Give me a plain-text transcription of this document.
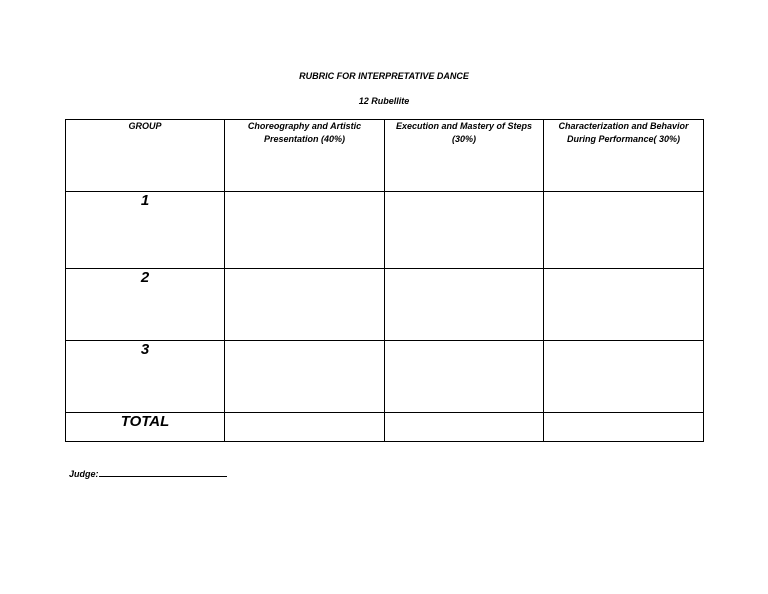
RUBRIC FOR INTERPRETATIVE DANCE
12 Rubellite
GROUP	Choreography and Artistic Presentation (40%)	Execution and Mastery of Steps (30%)	Characterization and Behavior During Performance( 30%)
1			
2			
3			
TOTAL			
Judge:
